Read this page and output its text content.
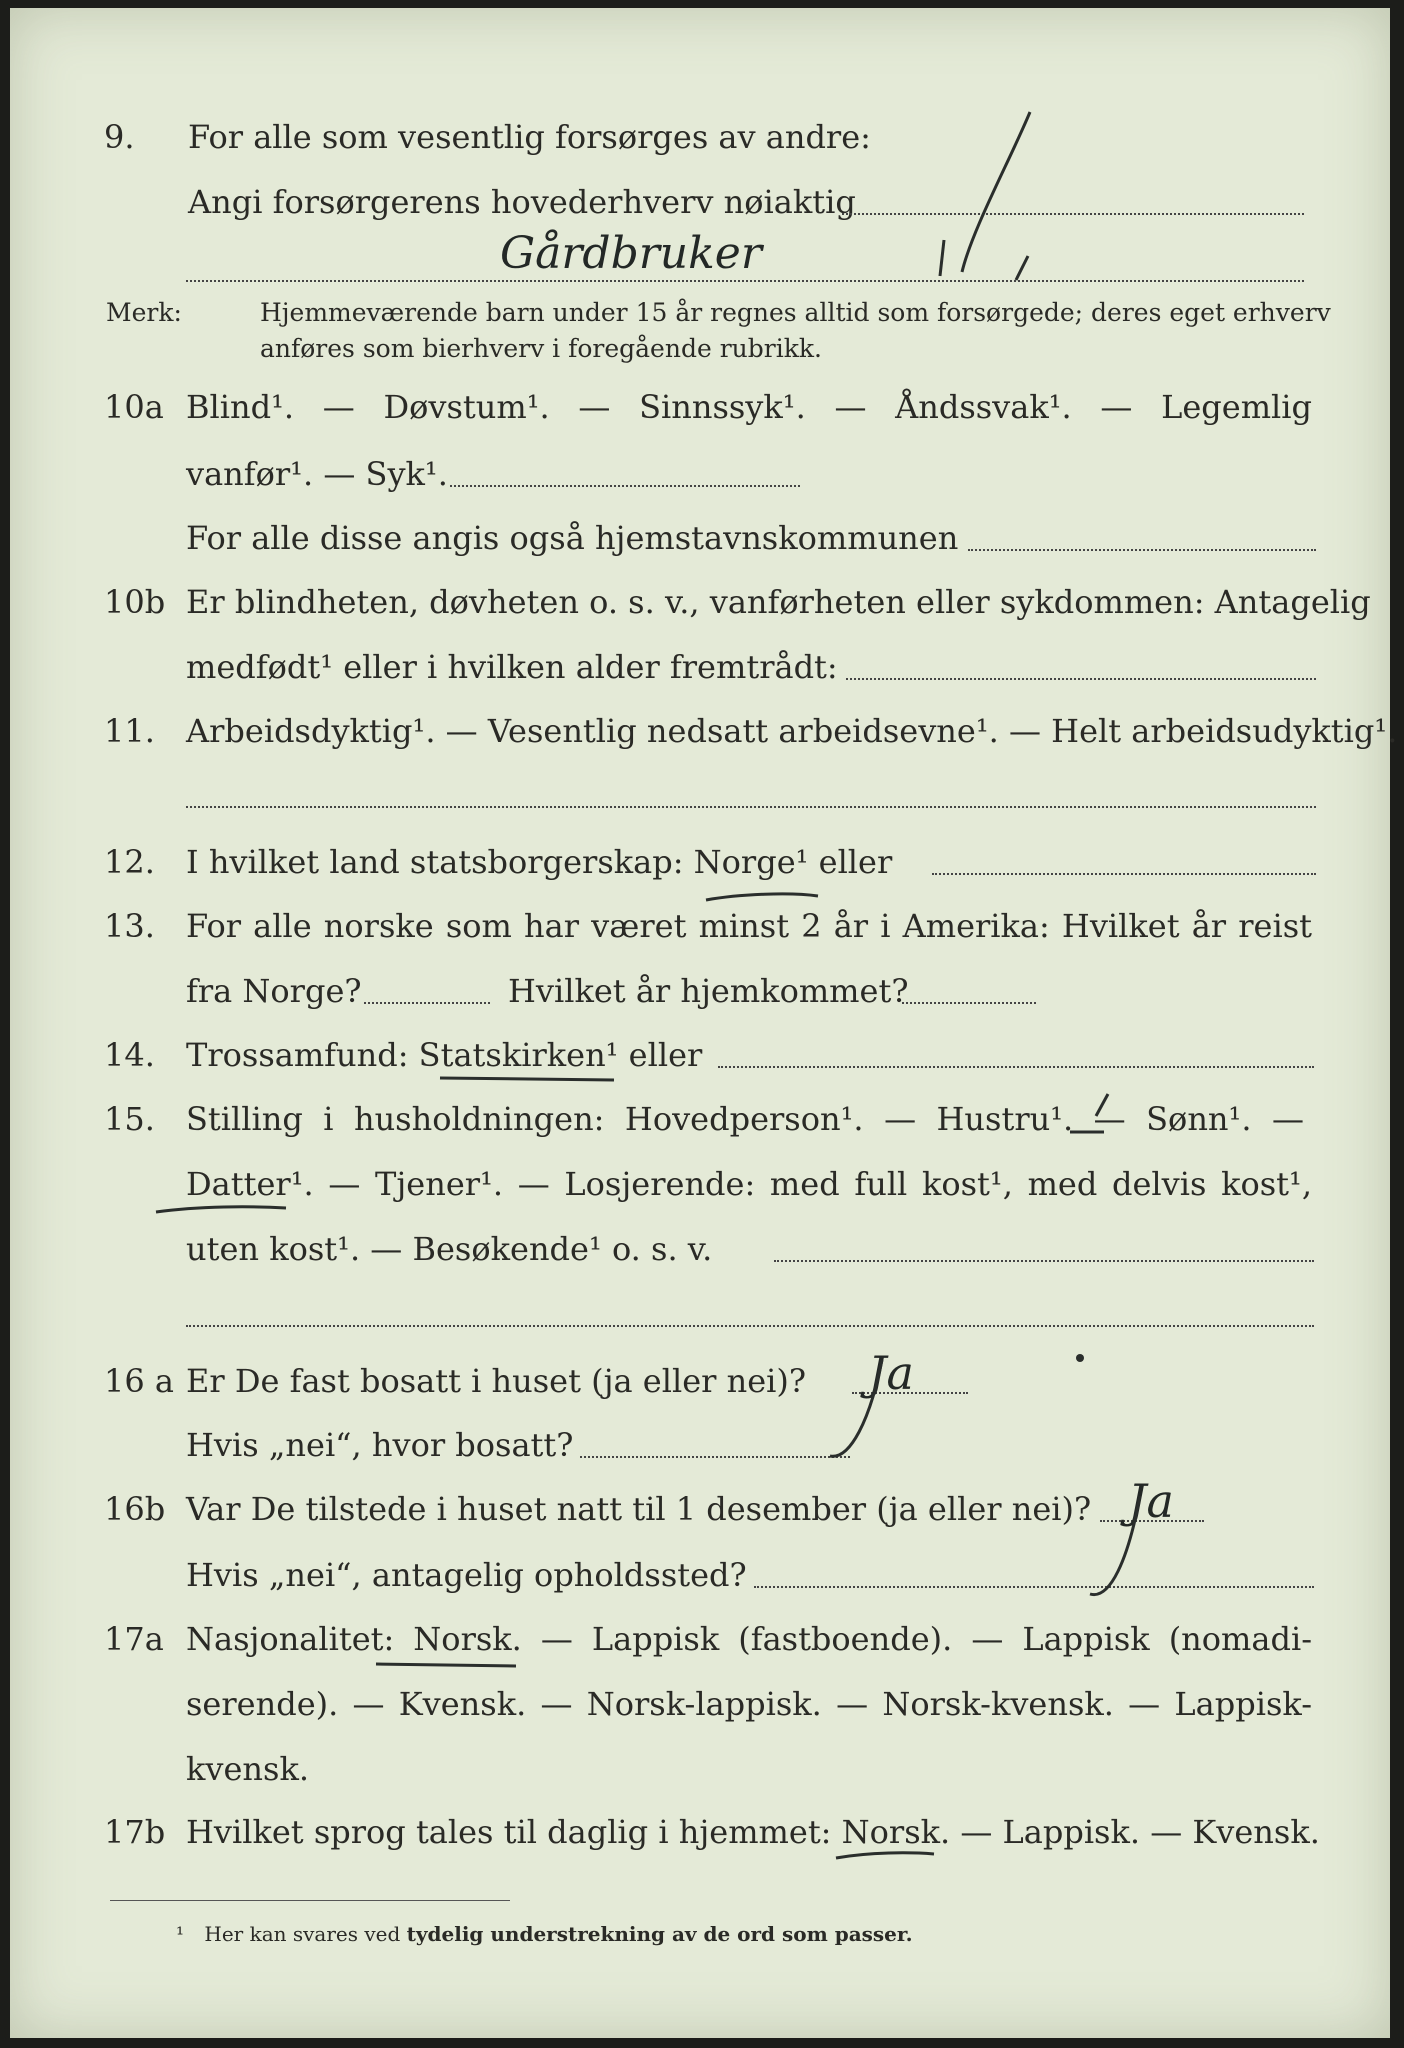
9. For alle som vesentlig forsørges av andre:
Angi forsørgerens hovederhverv nøiaktig
Gårdbruker
Merk:	Hjemmeværende barn under 15 år regnes alltid som forsørgede; deres eget erhverv
anføres som bierhverv i foregående rubrikk.
10a Blind¹. — Døvstum¹. — Sinnssyk¹. — Åndssvak¹. — Legemlig
vanfør¹. — Syk¹.
For alle disse angis også hjemstavnskommunen
10b Er blindheten, døvheten o. s. v., vanførheten eller sykdommen: Antagelig
medfødt¹ eller i hvilken alder fremtrådt:
11. Arbeidsdyktig¹. — Vesentlig nedsatt arbeidsevne¹. — Helt arbeidsudyktig¹.
12. I hvilket land statsborgerskap: Norge¹ eller
13. For alle norske som har været minst 2 år i Amerika: Hvilket år reist
fra Norge?	Hvilket år hjemkommet?
14. Trossamfund: Statskirken¹ eller
15. Stilling i husholdningen: Hovedperson¹. — Hustru¹. — Sønn¹. —
Datter¹. — Tjener¹. — Losjerende: med full kost¹, med delvis kost¹,
uten kost¹. — Besøkende¹ o. s. v.
16 a Er De fast bosatt i huset (ja eller nei)?	Ja
Hvis „nei“, hvor bosatt?
16b Var De tilstede i huset natt til 1 desember (ja eller nei)? Ja
Hvis „nei“, antagelig opholdssted?
17a Nasjonalitet: Norsk. — Lappisk (fastboende). — Lappisk (nomadi-
serende). — Kvensk. — Norsk-lappisk. — Norsk-kvensk. — Lappisk-
kvensk.
17b Hvilket sprog tales til daglig i hjemmet: Norsk. — Lappisk. — Kvensk.
¹ Her kan svares ved tydelig understrekning av de ord som passer.
